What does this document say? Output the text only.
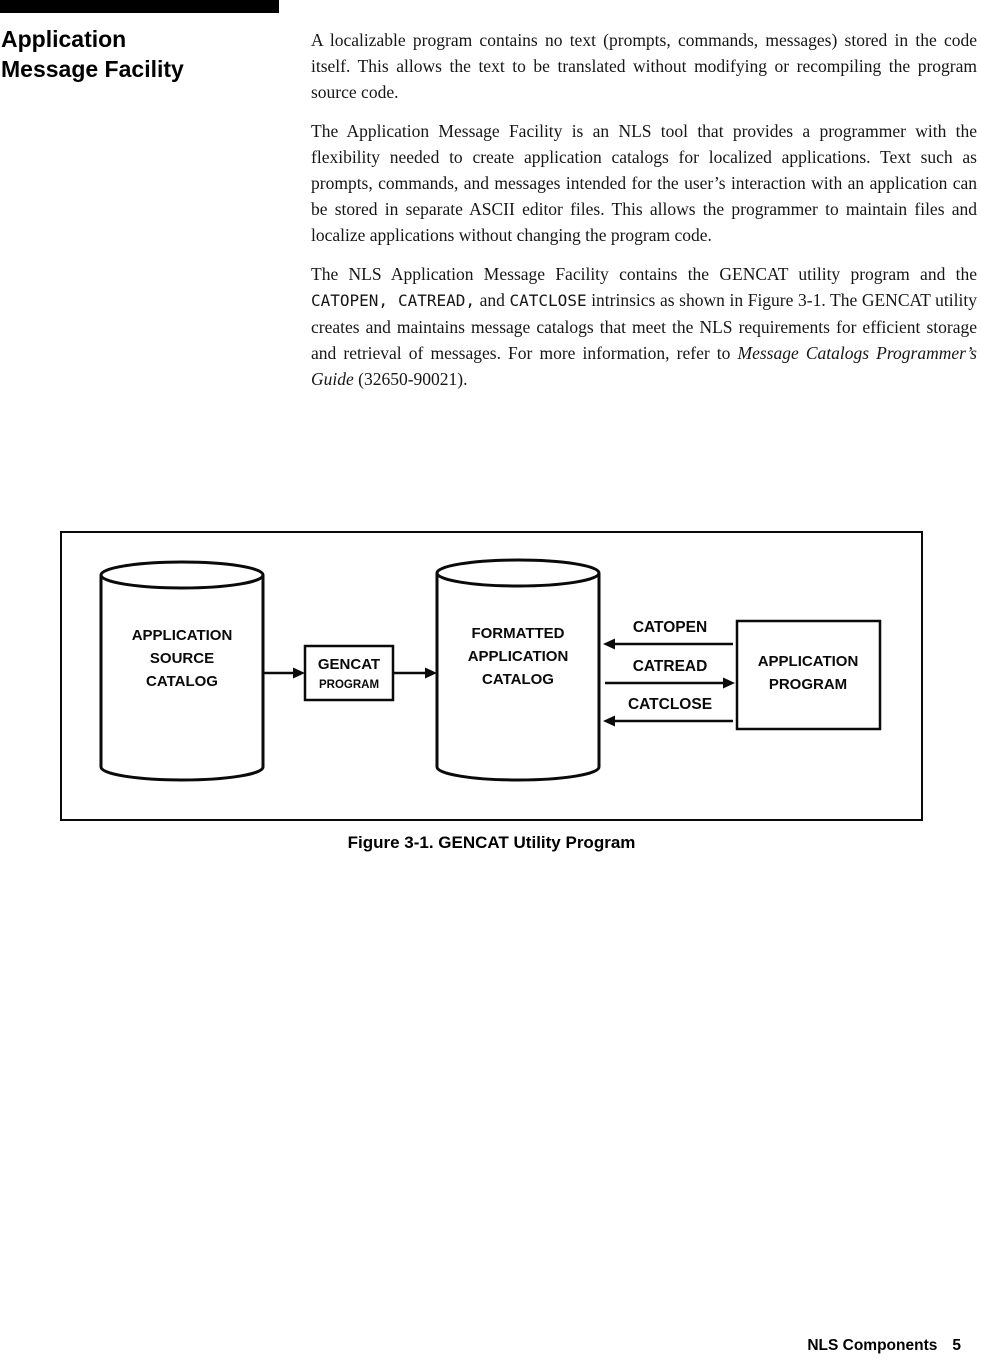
Application
Message Facility

A localizable program contains no text (prompts, commands, messages) stored in the code itself. This allows the text to be translated without modifying or recompiling the program source code.

The Application Message Facility is an NLS tool that provides a programmer with the flexibility needed to create application catalogs for localized applications. Text such as prompts, commands, and messages intended for the user’s interaction with an application can be stored in separate ASCII editor files. This allows the programmer to maintain files and localize applications without changing the program code.

The NLS Application Message Facility contains the GENCAT utility program and the CATOPEN, CATREAD, and CATCLOSE intrinsics as shown in Figure 3-1. The GENCAT utility creates and maintains message catalogs that meet the NLS requirements for efficient storage and retrieval of messages. For more information, refer to Message Catalogs Programmer’s Guide (32650-90021).

APPLICATION
SOURCE
CATALOG
GENCAT
PROGRAM
FORMATTED
APPLICATION
CATALOG
APPLICATION
PROGRAM
CATOPEN
CATREAD
CATCLOSE
Figure 3-1. GENCAT Utility Program
NLS Components 5
